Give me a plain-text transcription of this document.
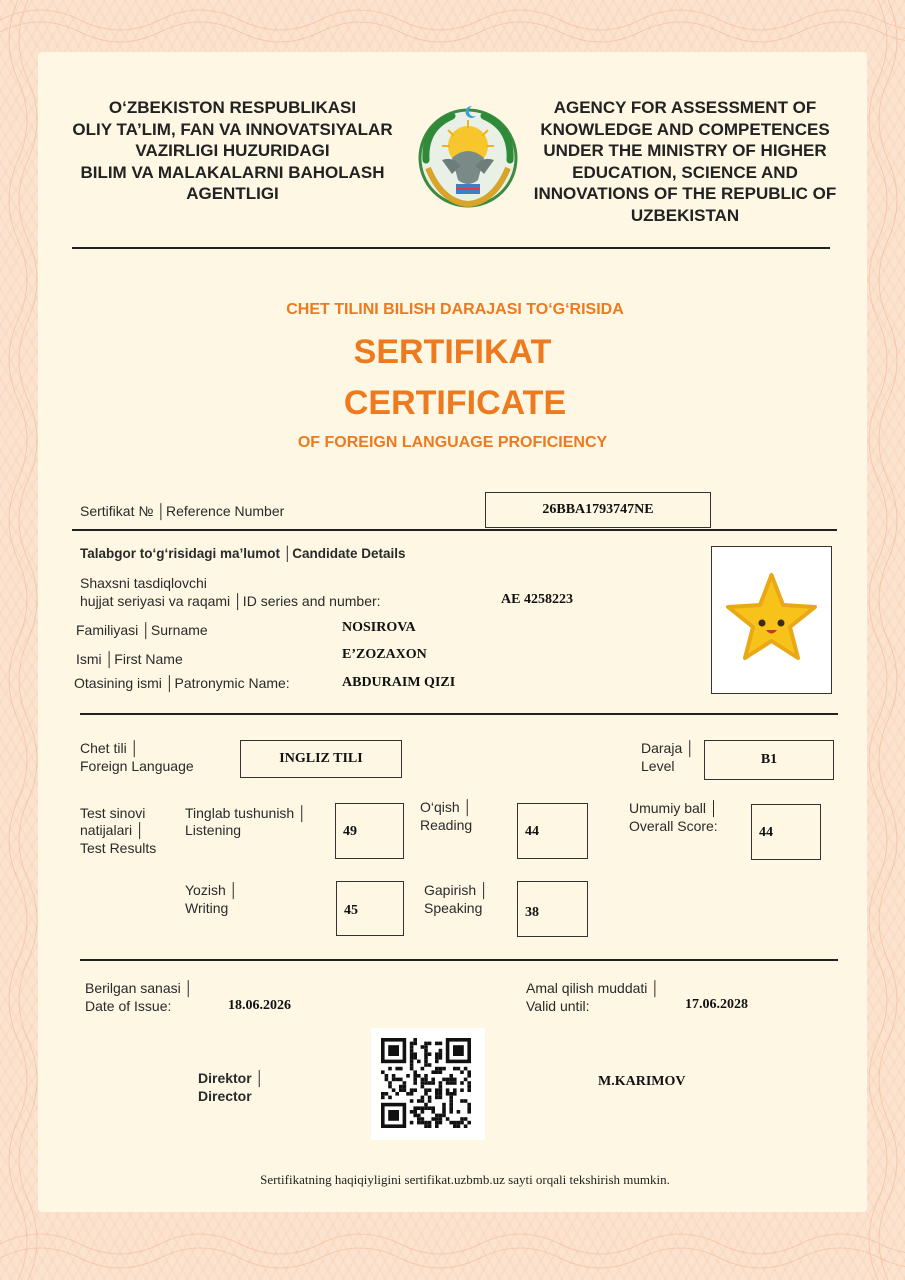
O‘ZBEKISTON RESPUBLIKASI
OLIY TA’LIM, FAN VA INNOVATSIYALAR
VAZIRLIGI HUZURIDAGI
BILIM VA MALAKALARNI BAHOLASH
AGENTLIGI
AGENCY FOR ASSESSMENT OF
KNOWLEDGE AND COMPETENCES
UNDER THE MINISTRY OF HIGHER
EDUCATION, SCIENCE AND
INNOVATIONS OF THE REPUBLIC OF
UZBEKISTAN
CHET TILINI BILISH DARAJASI TO‘G‘RISIDA
SERTIFIKAT
CERTIFICATE
OF FOREIGN LANGUAGE PROFICIENCY
Sertifikat № │Reference Number	26BBA1793747NE
Talabgor to‘g‘risidagi ma’lumot │Candidate Details
Shaxsni tasdiqlovchi
hujjat seriyasi va raqami │ID series and number:	AE 4258223
Familiyasi │Surname	NOSIROVA
Ismi │First Name	E’ZOZAXON
Otasining ismi │Patronymic Name:	ABDURAIM QIZI
Chet tili │
Foreign Language	INGLIZ TILI
Daraja │
Level	B1
Test sinovi
natijalari │
Test Results
Tinglab tushunish │
Listening	49
O‘qish │
Reading	44
Umumiy ball │
Overall Score:	44
Yozish │
Writing	45
Gapirish │
Speaking	38
Berilgan sanasi │
Date of Issue:	18.06.2026
Amal qilish muddati │
Valid until:	17.06.2028
Direktor │
Director
M.KARIMOV
Sertifikatning haqiqiyligini sertifikat.uzbmb.uz sayti orqali tekshirish mumkin.
